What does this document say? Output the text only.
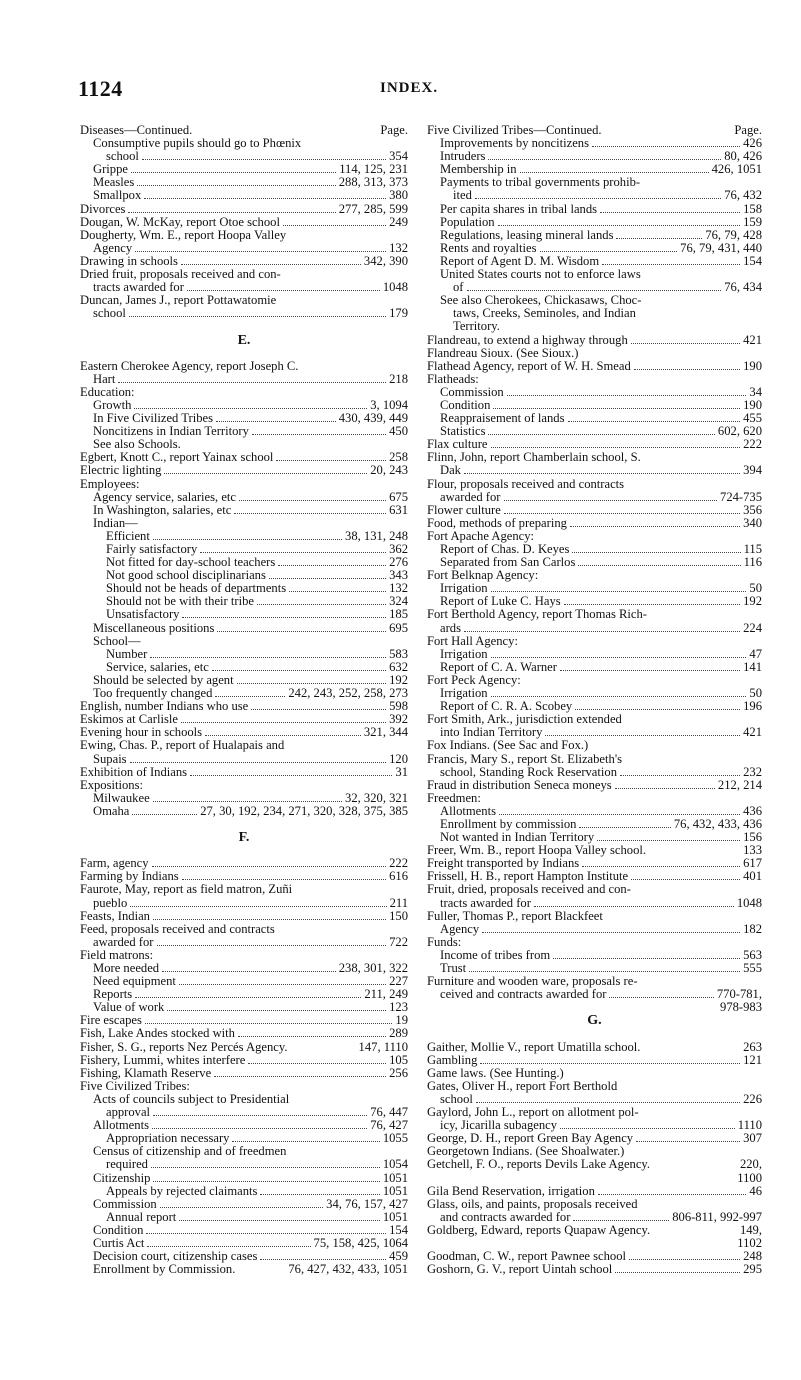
1124	INDEX.
Diseases—Continued.	Page.
Consumptive pupils should go to Phœnix
school	354
Grippe	114, 125, 231
Measles	288, 313, 373
Smallpox	380
Divorces	277, 285, 599
Dougan, W. McKay, report Otoe school	249
Dougherty, Wm. E., report Hoopa Valley
Agency	132
Drawing in schools	342, 390
Dried fruit, proposals received and con-
tracts awarded for	1048
Duncan, James J., report Pottawatomie
school	179
E.
Eastern Cherokee Agency, report Joseph C.
Hart	218
Education:
Growth	3, 1094
In Five Civilized Tribes	430, 439, 449
Noncitizens in Indian Territory	450
See also Schools.
Egbert, Knott C., report Yainax school	258
Electric lighting	20, 243
Employees:
Agency service, salaries, etc	675
In Washington, salaries, etc	631
Indian—
Efficient	38, 131, 248
Fairly satisfactory	362
Not fitted for day-school teachers	276
Not good school disciplinarians	343
Should not be heads of departments	132
Should not be with their tribe	324
Unsatisfactory	185
Miscellaneous positions	695
School—
Number	583
Service, salaries, etc	632
Should be selected by agent	192
Too frequently changed	242, 243, 252, 258, 273
English, number Indians who use	598
Eskimos at Carlisle	392
Evening hour in schools	321, 344
Ewing, Chas. P., report of Hualapais and
Supais	120
Exhibition of Indians	31
Expositions:
Milwaukee	32, 320, 321
Omaha	27, 30, 192, 234, 271, 320, 328, 375, 385
F.
Farm, agency	222
Farming by Indians	616
Faurote, May, report as field matron, Zuñi
pueblo	211
Feasts, Indian	150
Feed, proposals received and contracts
awarded for	722
Field matrons:
More needed	238, 301, 322
Need equipment	227
Reports	211, 249
Value of work	123
Fire escapes	19
Fish, Lake Andes stocked with	289
Fisher, S. G., reports Nez Percés Agency.	147, 1110
Fishery, Lummi, whites interfere	105
Fishing, Klamath Reserve	256
Five Civilized Tribes:
Acts of councils subject to Presidential
approval	76, 447
Allotments	76, 427
Appropriation necessary	1055
Census of citizenship and of freedmen
required	1054
Citizenship	1051
Appeals by rejected claimants	1051
Commission	34, 76, 157, 427
Annual report	1051
Condition	154
Curtis Act	75, 158, 425, 1064
Decision court, citizenship cases	459
Enrollment by Commission.	76, 427, 432, 433, 1051
Five Civilized Tribes—Continued.	Page.
Improvements by noncitizens	426
Intruders	80, 426
Membership in	426, 1051
Payments to tribal governments prohib-
ited	76, 432
Per capita shares in tribal lands	158
Population	159
Regulations, leasing mineral lands	76, 79, 428
Rents and royalties	76, 79, 431, 440
Report of Agent D. M. Wisdom	154
United States courts not to enforce laws
of	76, 434
See also Cherokees, Chickasaws, Choc-
taws, Creeks, Seminoles, and Indian
Territory.
Flandreau, to extend a highway through	421
Flandreau Sioux. (See Sioux.)
Flathead Agency, report of W. H. Smead	190
Flatheads:
Commission	34
Condition	190
Reappraisement of lands	455
Statistics	602, 620
Flax culture	222
Flinn, John, report Chamberlain school, S.
Dak	394
Flour, proposals received and contracts
awarded for	724-735
Flower culture	356
Food, methods of preparing	340
Fort Apache Agency:
Report of Chas. D. Keyes	115
Separated from San Carlos	116
Fort Belknap Agency:
Irrigation	50
Report of Luke C. Hays	192
Fort Berthold Agency, report Thomas Rich-
ards	224
Fort Hall Agency:
Irrigation	47
Report of C. A. Warner	141
Fort Peck Agency:
Irrigation	50
Report of C. R. A. Scobey	196
Fort Smith, Ark., jurisdiction extended
into Indian Territory	421
Fox Indians. (See Sac and Fox.)
Francis, Mary S., report St. Elizabeth's
school, Standing Rock Reservation	232
Fraud in distribution Seneca moneys	212, 214
Freedmen:
Allotments	436
Enrollment by commission	76, 432, 433, 436
Not wanted in Indian Territory	156
Freer, Wm. B., report Hoopa Valley school.	133
Freight transported by Indians	617
Frissell, H. B., report Hampton Institute	401
Fruit, dried, proposals received and con-
tracts awarded for	1048
Fuller, Thomas P., report Blackfeet
Agency	182
Funds:
Income of tribes from	563
Trust	555
Furniture and wooden ware, proposals re-
ceived and contracts awarded for	770-781,
978-983
G.
Gaither, Mollie V., report Umatilla school.	263
Gambling	121
Game laws. (See Hunting.)
Gates, Oliver H., report Fort Berthold
school	226
Gaylord, John L., report on allotment pol-
icy, Jicarilla subagency	1110
George, D. H., report Green Bay Agency	307
Georgetown Indians. (See Shoalwater.)
Getchell, F. O., reports Devils Lake Agency.	220,
1100
Gila Bend Reservation, irrigation	46
Glass, oils, and paints, proposals received
and contracts awarded for	806-811, 992-997
Goldberg, Edward, reports Quapaw Agency.	149,
1102
Goodman, C. W., report Pawnee school	248
Goshorn, G. V., report Uintah school	295
